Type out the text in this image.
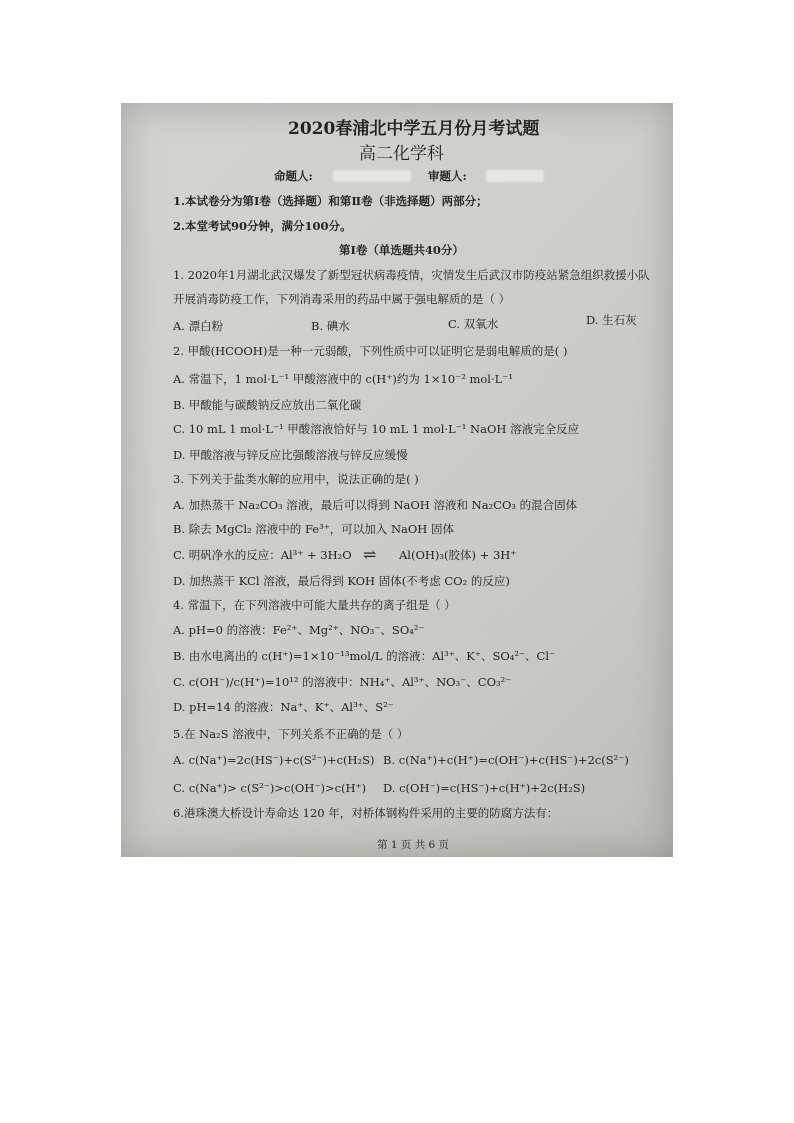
2020春浦北中学五月份月考试题
高二化学科
命题人:	审题人:
1.本试卷分为第Ⅰ卷（选择题）和第Ⅱ卷（非选择题）两部分；
2.本堂考试90分钟，满分100分。
第Ⅰ卷（单选题共40分）
1. 2020年1月湖北武汉爆发了新型冠状病毒疫情，灾情发生后武汉市防疫站紧急组织救援小队
开展消毒防疫工作，下列消毒采用的药品中属于强电解质的是（ ）
A. 漂白粉	B. 碘水	C. 双氧水	D. 生石灰
2. 甲酸(HCOOH)是一种一元弱酸，下列性质中可以证明它是弱电解质的是( )
A. 常温下，1 mol·L⁻¹ 甲酸溶液中的 c(H⁺)约为 1×10⁻² mol·L⁻¹
B. 甲酸能与碳酸钠反应放出二氧化碳
C. 10 mL 1 mol·L⁻¹ 甲酸溶液恰好与 10 mL 1 mol·L⁻¹ NaOH 溶液完全反应
D. 甲酸溶液与锌反应比强酸溶液与锌反应缓慢
3. 下列关于盐类水解的应用中，说法正确的是( )
A. 加热蒸干 Na₂CO₃ 溶液，最后可以得到 NaOH 溶液和 Na₂CO₃ 的混合固体
B. 除去 MgCl₂ 溶液中的 Fe³⁺，可以加入 NaOH 固体
C. 明矾净水的反应：Al³⁺ + 3H₂O ⇌ Al(OH)₃(胶体) + 3H⁺
D. 加热蒸干 KCl 溶液，最后得到 KOH 固体(不考虑 CO₂ 的反应)
4. 常温下，在下列溶液中可能大量共存的离子组是（ ）
A. pH=0 的溶液：Fe²⁺、Mg²⁺、NO₃⁻、SO₄²⁻
B. 由水电离出的 c(H⁺)=1×10⁻¹³mol/L 的溶液：Al³⁺、K⁺、SO₄²⁻、Cl⁻
C. c(OH⁻)/c(H⁺)=10¹² 的溶液中：NH₄⁺、Al³⁺、NO₃⁻、CO₃²⁻
D. pH=14 的溶液：Na⁺、K⁺、Al³⁺、S²⁻
5.在 Na₂S 溶液中，下列关系不正确的是（ ）
A. c(Na⁺)=2c(HS⁻)+c(S²⁻)+c(H₂S) B. c(Na⁺)+c(H⁺)=c(OH⁻)+c(HS⁻)+2c(S²⁻)
C. c(Na⁺)> c(S²⁻)>c(OH⁻)>c(H⁺) D. c(OH⁻)=c(HS⁻)+c(H⁺)+2c(H₂S)
6.港珠澳大桥设计寿命达 120 年，对桥体钢构件采用的主要的防腐方法有：
第 1 页 共 6 页
